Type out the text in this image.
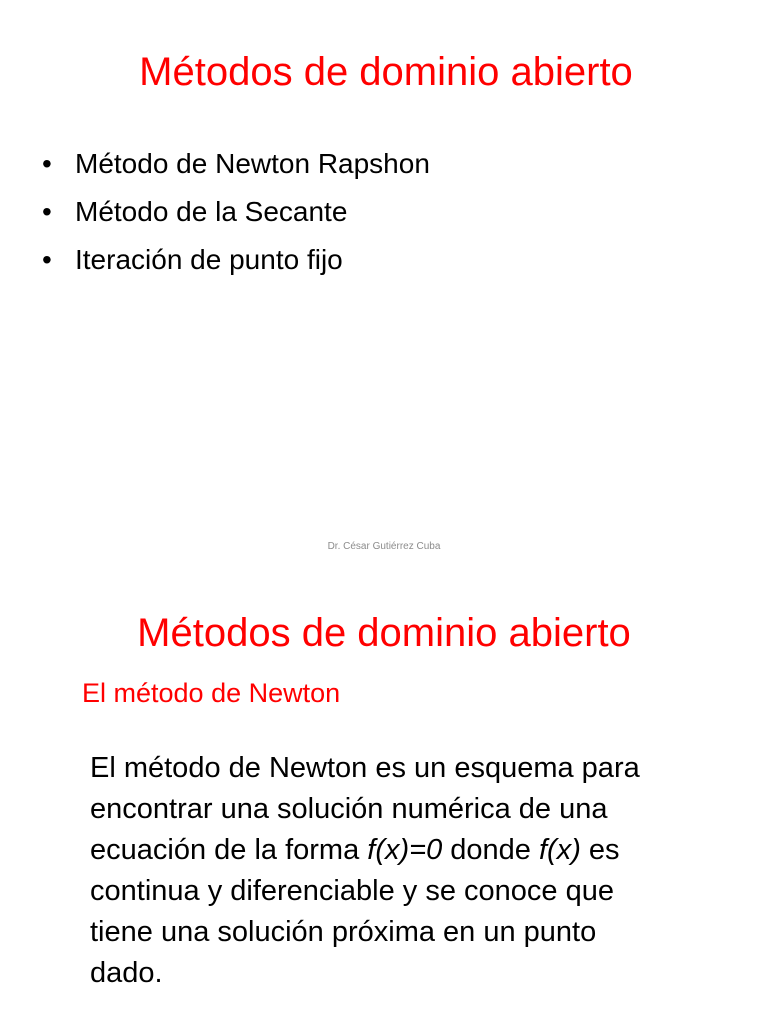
Métodos de dominio abierto
• Método de Newton Rapshon
• Método de la Secante
• Iteración de punto fijo
Dr. César Gutiérrez Cuba
Métodos de dominio abierto
El método de Newton

El método de Newton es un esquema para
encontrar una solución numérica de una
ecuación de la forma f(x)=0 donde f(x) es
continua y diferenciable y se conoce que
tiene una solución próxima en un punto
dado.
